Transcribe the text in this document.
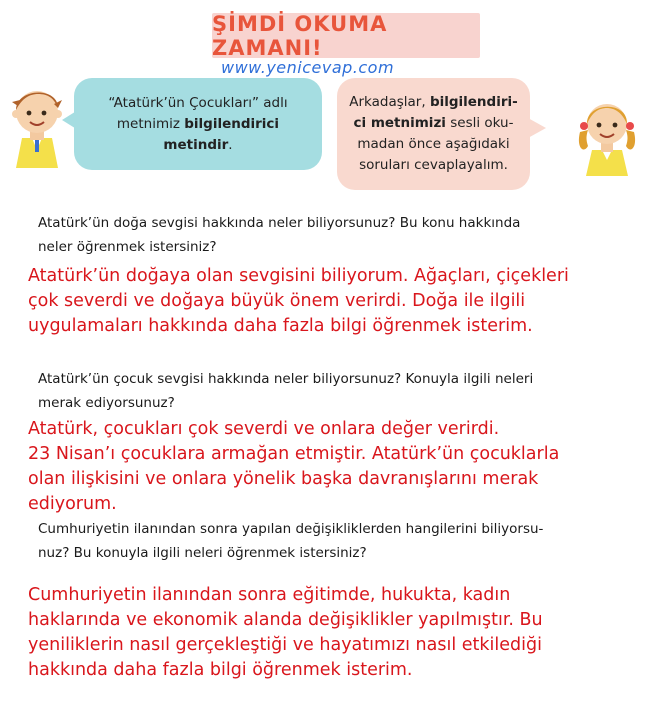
ŞİMDİ OKUMA ZAMANI!
www.yenicevap.com
“Atatürk’ün Çocukları” adlı
metnimiz bilgilendirici
metindir.
Arkadaşlar, bilgilendiri-
ci metnimizi sesli oku-
madan önce aşağıdaki
soruları cevaplayalım.
Atatürk’ün doğa sevgisi hakkında neler biliyorsunuz? Bu konu hakkında
neler öğrenmek istersiniz?
Atatürk’ün doğaya olan sevgisini biliyorum. Ağaçları, çiçekleri
çok severdi ve doğaya büyük önem verirdi. Doğa ile ilgili
uygulamaları hakkında daha fazla bilgi öğrenmek isterim.
Atatürk’ün çocuk sevgisi hakkında neler biliyorsunuz? Konuyla ilgili neleri
merak ediyorsunuz?
Atatürk, çocukları çok severdi ve onlara değer verirdi.
23 Nisan’ı çocuklara armağan etmiştir. Atatürk’ün çocuklarla
olan ilişkisini ve onlara yönelik başka davranışlarını merak
ediyorum.
Cumhuriyetin ilanından sonra yapılan değişikliklerden hangilerini biliyorsu-
nuz? Bu konuyla ilgili neleri öğrenmek istersiniz?
Cumhuriyetin ilanından sonra eğitimde, hukukta, kadın
haklarında ve ekonomik alanda değişiklikler yapılmıştır. Bu
yeniliklerin nasıl gerçekleştiği ve hayatımızı nasıl etkilediği
hakkında daha fazla bilgi öğrenmek isterim.
